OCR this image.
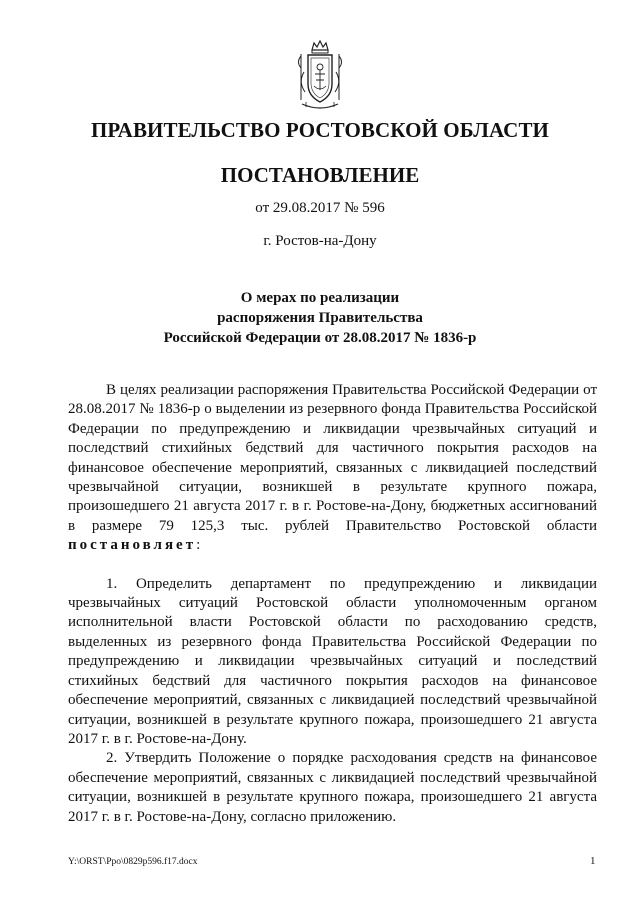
ПРАВИТЕЛЬСТВО РОСТОВСКОЙ ОБЛАСТИ
ПОСТАНОВЛЕНИЕ
от 29.08.2017 № 596
г. Ростов-на-Дону
О мерах по реализации
распоряжения Правительства
Российской Федерации от 28.08.2017 № 1836-р

В целях реализации распоряжения Правительства Российской Федерации от 28.08.2017 № 1836-р о выделении из резервного фонда Правительства Российской Федерации по предупреждению и ликвидации чрезвычайных ситуаций и последствий стихийных бедствий для частичного покрытия расходов на финансовое обеспечение мероприятий, связанных с ликвидацией последствий чрезвычайной ситуации, возникшей в результате крупного пожара, произошедшего 21 августа 2017 г. в г. Ростове-на-Дону, бюджетных ассигнований в размере 79 125,3 тыс. рублей Правительство Ростовской области постановляет:

1. Определить департамент по предупреждению и ликвидации чрезвычайных ситуаций Ростовской области уполномоченным органом исполнительной власти Ростовской области по расходованию средств, выделенных из резервного фонда Правительства Российской Федерации по предупреждению и ликвидации чрезвычайных ситуаций и последствий стихийных бедствий для частичного покрытия расходов на финансовое обеспечение мероприятий, связанных с ликвидацией последствий чрезвычайной ситуации, возникшей в результате крупного пожара, произошедшего 21 августа 2017 г. в г. Ростове-на-Дону.

2. Утвердить Положение о порядке расходования средств на финансовое обеспечение мероприятий, связанных с ликвидацией последствий чрезвычайной ситуации, возникшей в результате крупного пожара, произошедшего 21 августа 2017 г. в г. Ростове-на-Дону, согласно приложению.

Y:\ORST\Ppo\0829p596.f17.docx	1
